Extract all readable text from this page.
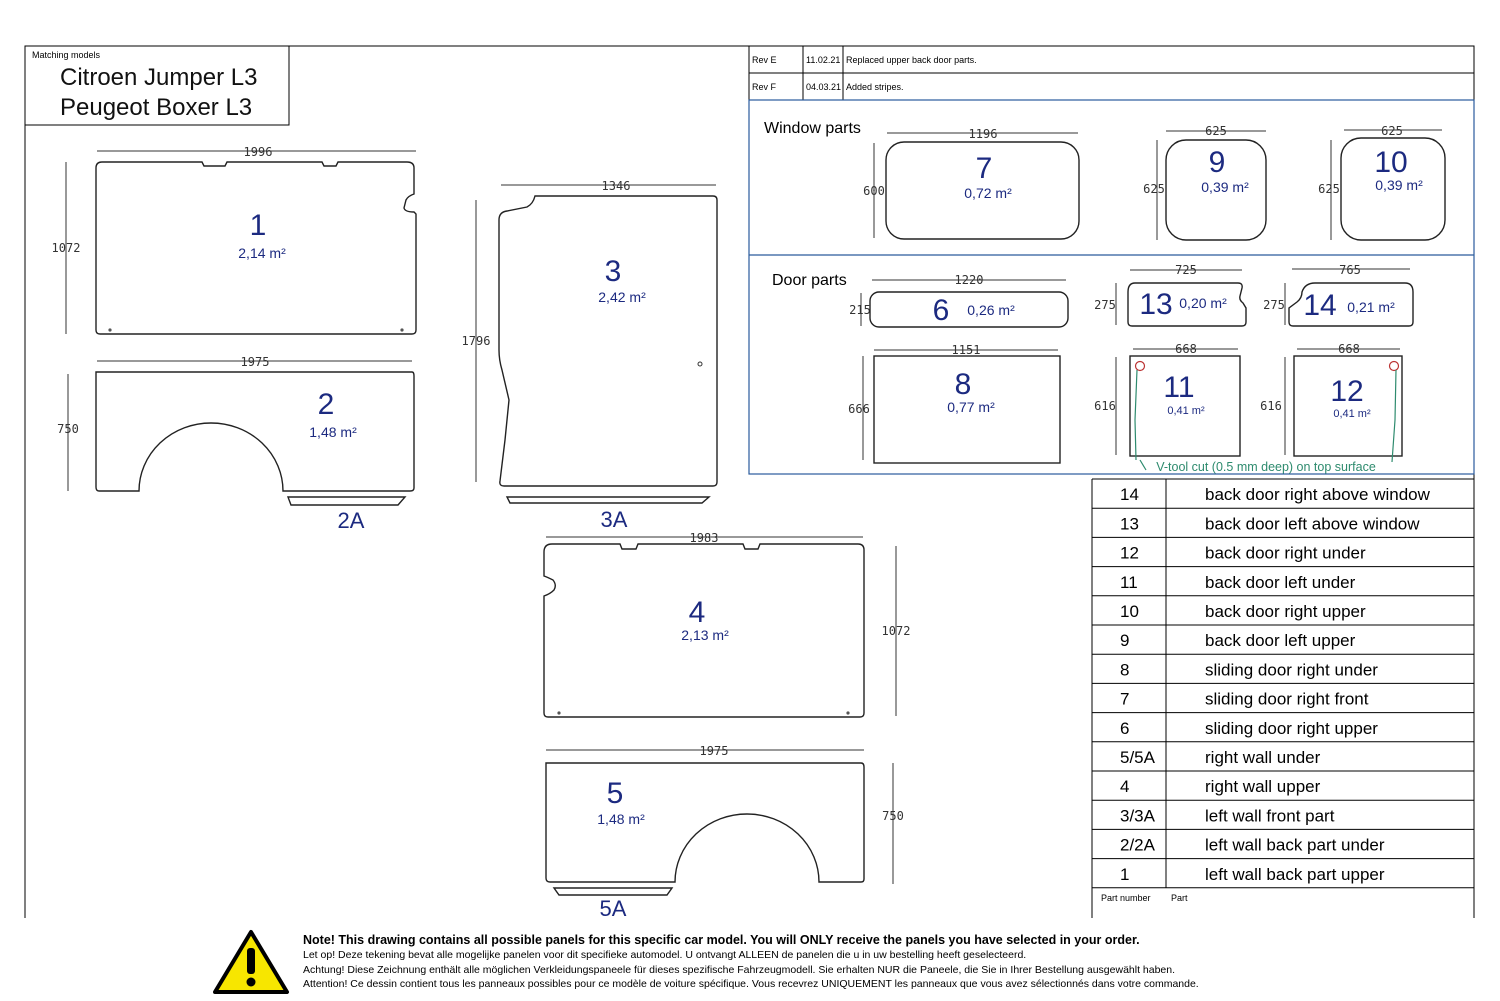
Matching models
Citroen Jumper L3
Peugeot Boxer L3
Rev E	11.02.21 Replaced upper back door parts.
Rev F	04.03.21 Added stripes.
Window parts
Door parts
1996
1072
1
2,14 m²
1975
750
2
1,48 m²
2A
1346
1796
3
2,42 m²
3A
1983
1072
4
2,13 m²
1975
750
5
1,48 m²
5A
1196
600
7
0,72 m²
625
625
9
0,39 m²
625
625
10
0,39 m²
1220
215 6 0,26 m²
725
275 13 0,20 m²
765
275 14 0,21 m²
1151
666
8
0,77 m²
668
616
11
0,41 m²
668
616 12
0,41 m²
V-tool cut (0.5 mm deep) on top surface
14	back door right above window
13	back door left above window
12	back door right under
11	back door left under
10	back door right upper
9	back door left upper
8	sliding door right under
7	sliding door right front
6	sliding door right upper
5/5A	right wall under
4	right wall upper
3/3A	left wall front part
2/2A	left wall back part under
1	left wall back part upper
Part number Part
Note! This drawing contains all possible panels for this specific car model. You will ONLY receive the panels you have selected in your order.
Let op! Deze tekening bevat alle mogelijke panelen voor dit specifieke automodel. U ontvangt ALLEEN de panelen die u in uw bestelling heeft geselecteerd.
Achtung! Diese Zeichnung enthält alle möglichen Verkleidungspaneele für dieses spezifische Fahrzeugmodell. Sie erhalten NUR die Paneele, die Sie in Ihrer Bestellung ausgewählt haben.
Attention! Ce dessin contient tous les panneaux possibles pour ce modèle de voiture spécifique. Vous recevrez UNIQUEMENT les panneaux que vous avez sélectionnés dans votre commande.
